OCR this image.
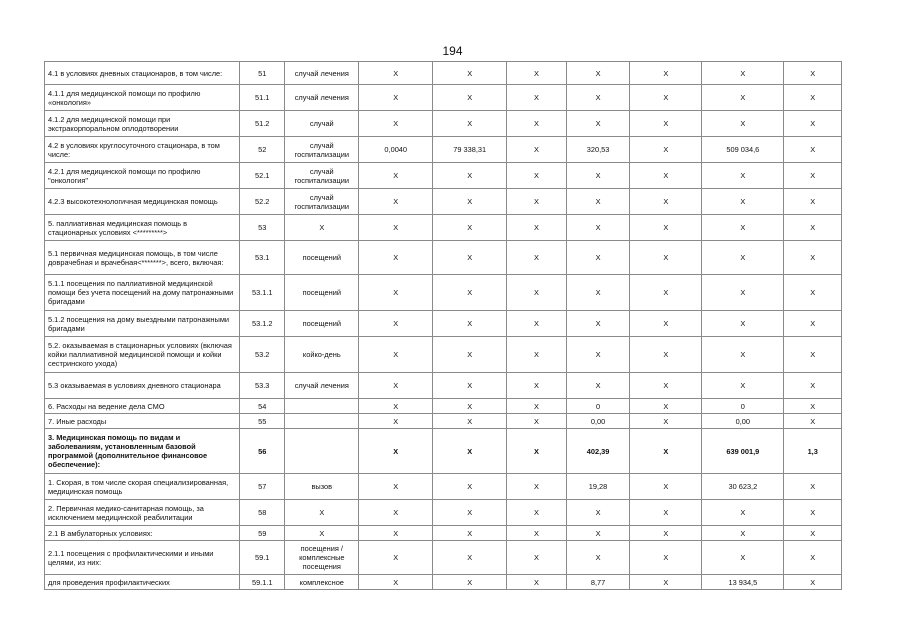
194
4.1 в условиях дневных стационаров, в том числе:	51	случай лечения	X	X	X	X	X	X	X
4.1.1 для медицинской помощи по профилю «онкология»	51.1	случай лечения	X	X	X	X	X	X	X
4.1.2 для медицинской помощи при экстракорпоральном оплодотворении	51.2	случай	X	X	X	X	X	X	X
4.2 в условиях круглосуточного стационара, в том числе:	52	случай госпитализации	0,0040	79 338,31	X	320,53	X	509 034,6	X
4.2.1 для медицинской помощи по профилю "онкология"	52.1	случай госпитализации	X	X	X	X	X	X	X
4.2.3 высокотехнологичная медицинская помощь	52.2	случай госпитализации	X	X	X	X	X	X	X
5. паллиативная медицинская помощь в стационарных условиях <*********>	53	X	X	X	X	X	X	X	X
5.1 первичная медицинская помощь, в том числе доврачебная и врачебная<*******>, всего, включая:	53.1	посещений	X	X	X	X	X	X	X
5.1.1 посещения по паллиативной медицинской помощи без учета посещений на дому патронажными бригадами	53.1.1	посещений	X	X	X	X	X	X	X
5.1.2 посещения на дому выездными патронажными бригадами	53.1.2	посещений	X	X	X	X	X	X	X
5.2. оказываемая в стационарных условиях (включая койки паллиативной медицинской помощи и койки сестринского ухода)	53.2	койко-день	X	X	X	X	X	X	X
5.3 оказываемая в условиях дневного стационара	53.3	случай лечения	X	X	X	X	X	X	X
6. Расходы на ведение дела СМО	54		X	X	X	0	X	0	X
7. Иные расходы	55		X	X	X	0,00	X	0,00	X
3. Медицинская помощь по видам и заболеваниям, установленным базовой программой (дополнительное финансовое обеспечение):	56		X	X	X	402,39	X	639 001,9	1,3
1. Скорая, в том числе скорая специализированная, медицинская помощь	57	вызов	X	X	X	19,28	X	30 623,2	X
2. Первичная медико-санитарная помощь, за исключением медицинской реабилитации	58	X	X	X	X	X	X	X	X
2.1 В амбулаторных условиях:	59	X	X	X	X	X	X	X	X
2.1.1 посещения с профилактическими и иными целями, из них:	59.1	посещения / комплексные посещения	X	X	X	X	X	X	X
для проведения профилактических	59.1.1	комплексное	X	X	X	8,77	X	13 934,5	X
